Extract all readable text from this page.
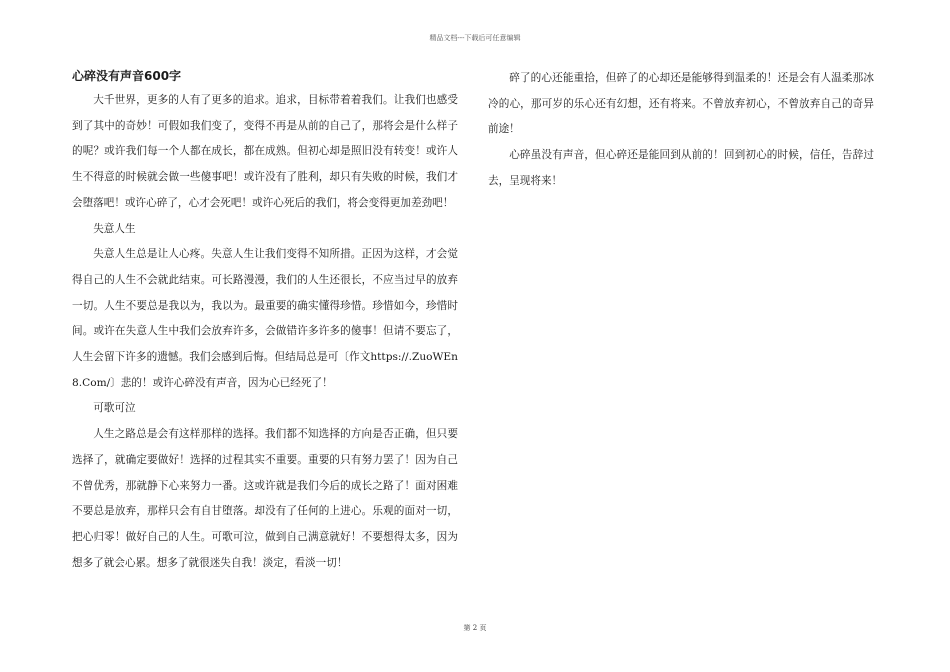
精品文档---下载后可任意编辑
心碎没有声音600字

大千世界，更多的人有了更多的追求。追求，目标带着着我们。让我们也感受到了其中的奇妙！可假如我们变了，变得不再是从前的自己了，那将会是什么样子的呢？或许我们每一个人都在成长，都在成熟。但初心却是照旧没有转变！或许人生不得意的时候就会做一些傻事吧！或许没有了胜利，却只有失败的时候，我们才会堕落吧！或许心碎了，心才会死吧！或许心死后的我们，将会变得更加差劲吧！

失意人生

失意人生总是让人心疼。失意人生让我们变得不知所措。正因为这样，才会觉得自己的人生不会就此结束。可长路漫漫，我们的人生还很长，不应当过早的放弃一切。人生不要总是我以为，我以为。最重要的确实懂得珍惜。珍惜如今，珍惜时间。或许在失意人生中我们会放弃许多，会做错许多许多的傻事！但请不要忘了，人生会留下许多的遗憾。我们会感到后悔。但结局总是可〔作文https://.ZuoWEn8.Com/〕悲的！或许心碎没有声音，因为心已经死了！

可歌可泣

人生之路总是会有这样那样的选择。我们都不知选择的方向是否正确，但只要选择了，就确定要做好！选择的过程其实不重要。重要的只有努力罢了！因为自己不曾优秀，那就静下心来努力一番。这或许就是我们今后的成长之路了！面对困难不要总是放弃，那样只会有自甘堕落。却没有了任何的上进心。乐观的面对一切，把心归零！做好自己的人生。可歌可泣，做到自己满意就好！不要想得太多，因为想多了就会心累。想多了就很迷失自我！淡定，看淡一切！

碎了的心还能重拾，但碎了的心却还是能够得到温柔的！还是会有人温柔那冰冷的心，那可岁的乐心还有幻想，还有将来。不曾放弃初心，不曾放弃自己的奇异前途！

心碎虽没有声音，但心碎还是能回到从前的！回到初心的时候，信任，告辞过去，呈现将来！

第 2 页
